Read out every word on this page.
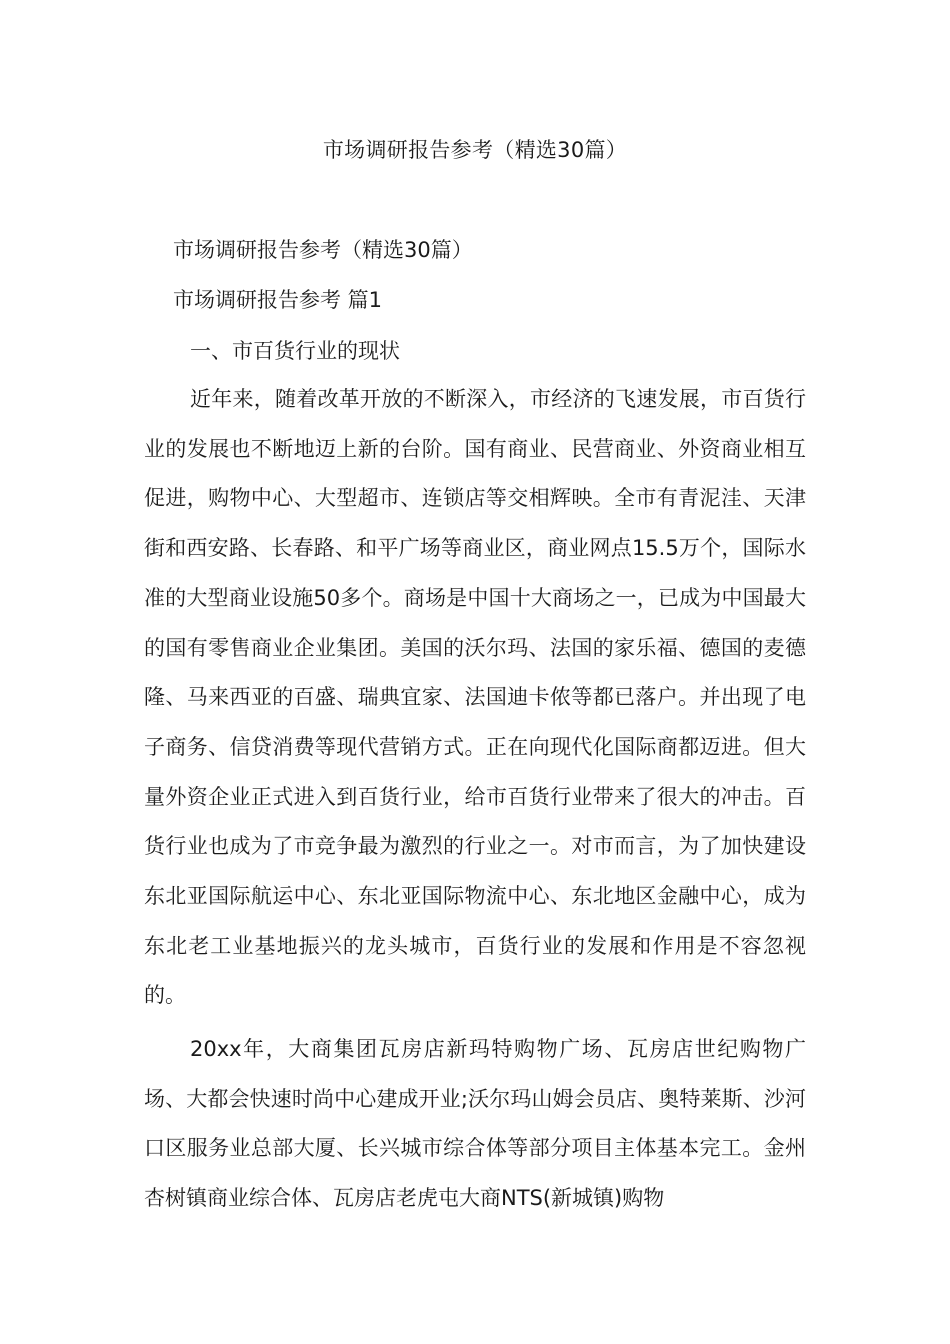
市场调研报告参考（精选30篇）
市场调研报告参考（精选30篇）
市场调研报告参考 篇1
一、市百货行业的现状

近年来，随着改革开放的不断深入，市经济的飞速发展，市百货行业的发展也不断地迈上新的台阶。国有商业、民营商业、外资商业相互促进，购物中心、大型超市、连锁店等交相辉映。全市有青泥洼、天津街和西安路、长春路、和平广场等商业区，商业网点15.5万个，国际水准的大型商业设施50多个。商场是中国十大商场之一，已成为中国最大的国有零售商业企业集团。美国的沃尔玛、法国的家乐福、德国的麦德隆、马来西亚的百盛、瑞典宜家、法国迪卡侬等都已落户。并出现了电子商务、信贷消费等现代营销方式。正在向现代化国际商都迈进。但大量外资企业正式进入到百货行业，给市百货行业带来了很大的冲击。百货行业也成为了市竞争最为激烈的行业之一。对市而言，为了加快建设东北亚国际航运中心、东北亚国际物流中心、东北地区金融中心，成为东北老工业基地振兴的龙头城市，百货行业的发展和作用是不容忽视的。

20xx年，大商集团瓦房店新玛特购物广场、瓦房店世纪购物广场、大都会快速时尚中心建成开业;沃尔玛山姆会员店、奥特莱斯、沙河口区服务业总部大厦、长兴城市综合体等部分项目主体基本完工。金州杏树镇商业综合体、瓦房店老虎屯大商NTS(新城镇)购物
